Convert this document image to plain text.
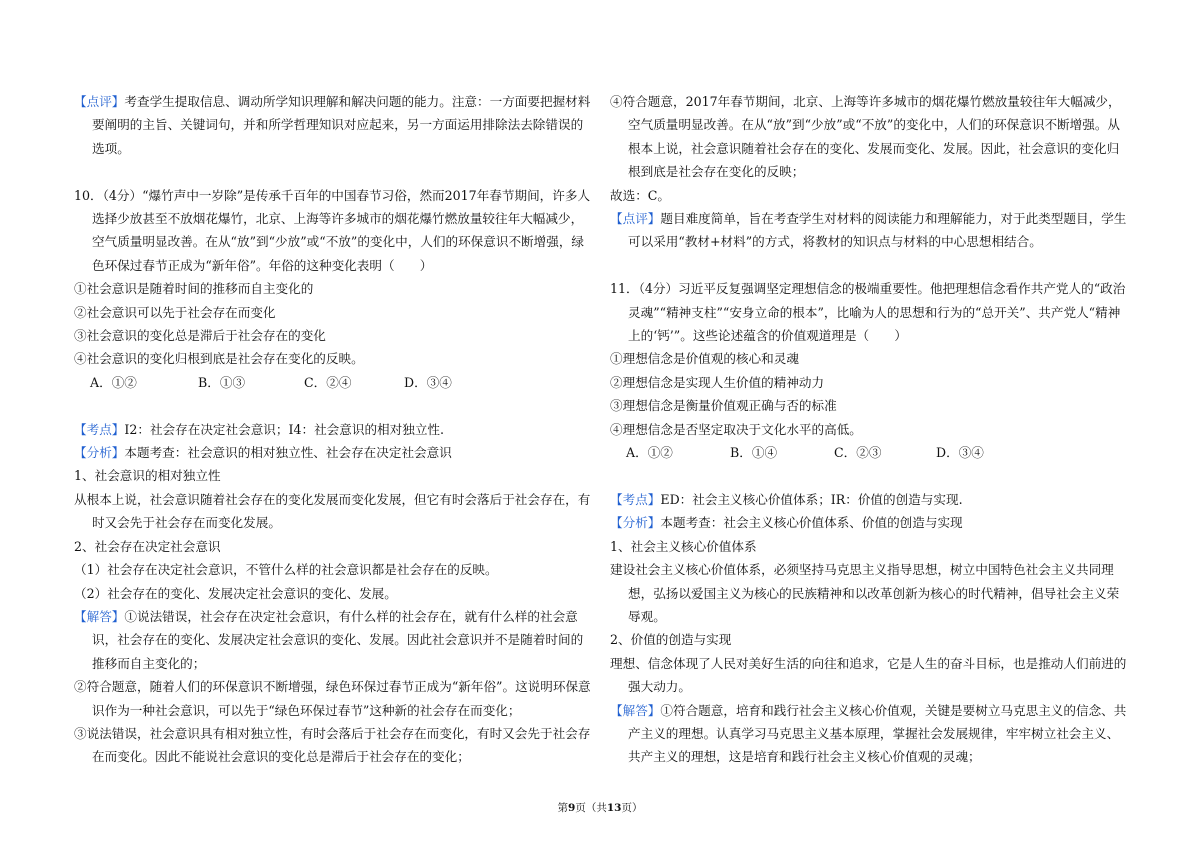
【点评】考查学生提取信息、调动所学知识理解和解决问题的能力。注意：一方面要把握材料要阐明的主旨、关键词句，并和所学哲理知识对应起来，另一方面运用排除法去除错误的选项。

10．（4分）“爆竹声中一岁除”是传承千百年的中国春节习俗，然而2017年春节期间，许多人选择少放甚至不放烟花爆竹，北京、上海等许多城市的烟花爆竹燃放量较往年大幅减少，空气质量明显改善。在从“放”到“少放”或“不放”的变化中，人们的环保意识不断增强，绿色环保过春节正成为“新年俗”。年俗的这种变化表明（　　）

①社会意识是随着时间的推移而自主变化的

②社会意识可以先于社会存在而变化

③社会意识的变化总是滞后于社会存在的变化

④社会意识的变化归根到底是社会存在变化的反映。

A．①②	B．①③	C．②④	D．③④

【考点】I2：社会存在决定社会意识；I4：社会意识的相对独立性.

【分析】本题考查：社会意识的相对独立性、社会存在决定社会意识

1、社会意识的相对独立性

从根本上说，社会意识随着社会存在的变化发展而变化发展，但它有时会落后于社会存在，有时又会先于社会存在而变化发展。

2、社会存在决定社会意识

（1）社会存在决定社会意识，不管什么样的社会意识都是社会存在的反映。

（2）社会存在的变化、发展决定社会意识的变化、发展。

【解答】①说法错误，社会存在决定社会意识，有什么样的社会存在，就有什么样的社会意识，社会存在的变化、发展决定社会意识的变化、发展。因此社会意识并不是随着时间的推移而自主变化的；

②符合题意，随着人们的环保意识不断增强，绿色环保过春节正成为“新年俗”。这说明环保意识作为一种社会意识，可以先于“绿色环保过春节”这种新的社会存在而变化；

③说法错误，社会意识具有相对独立性，有时会落后于社会存在而变化，有时又会先于社会存在而变化。因此不能说社会意识的变化总是滞后于社会存在的变化；

④符合题意，2017年春节期间，北京、上海等许多城市的烟花爆竹燃放量较往年大幅减少，空气质量明显改善。在从“放”到“少放”或“不放”的变化中，人们的环保意识不断增强。从根本上说，社会意识随着社会存在的变化、发展而变化、发展。因此，社会意识的变化归根到底是社会存在变化的反映；

故选：C。

【点评】题目难度简单，旨在考查学生对材料的阅读能力和理解能力，对于此类型题目，学生可以采用“教材+材料”的方式，将教材的知识点与材料的中心思想相结合。

11．（4分）习近平反复强调坚定理想信念的极端重要性。他把理想信念看作共产党人的“政治灵魂”“精神支柱”“安身立命的根本”，比喻为人的思想和行为的“总开关”、共产党人“精神上的‘钙’”。这些论述蕴含的价值观道理是（　　）

①理想信念是价值观的核心和灵魂

②理想信念是实现人生价值的精神动力

③理想信念是衡量价值观正确与否的标准

④理想信念是否坚定取决于文化水平的高低。

A．①②	B．①④	C．②③	D．③④

【考点】ED：社会主义核心价值体系；IR：价值的创造与实现.

【分析】本题考查：社会主义核心价值体系、价值的创造与实现

1、社会主义核心价值体系

建设社会主义核心价值体系，必须坚持马克思主义指导思想，树立中国特色社会主义共同理想，弘扬以爱国主义为核心的民族精神和以改革创新为核心的时代精神，倡导社会主义荣辱观。

2、价值的创造与实现

理想、信念体现了人民对美好生活的向往和追求，它是人生的奋斗目标，也是推动人们前进的强大动力。

【解答】①符合题意，培育和践行社会主义核心价值观，关键是要树立马克思主义的信念、共产主义的理想。认真学习马克思主义基本原理，掌握社会发展规律，牢牢树立社会主义、共产主义的理想，这是培育和践行社会主义核心价值观的灵魂；

第9页（共13页）
